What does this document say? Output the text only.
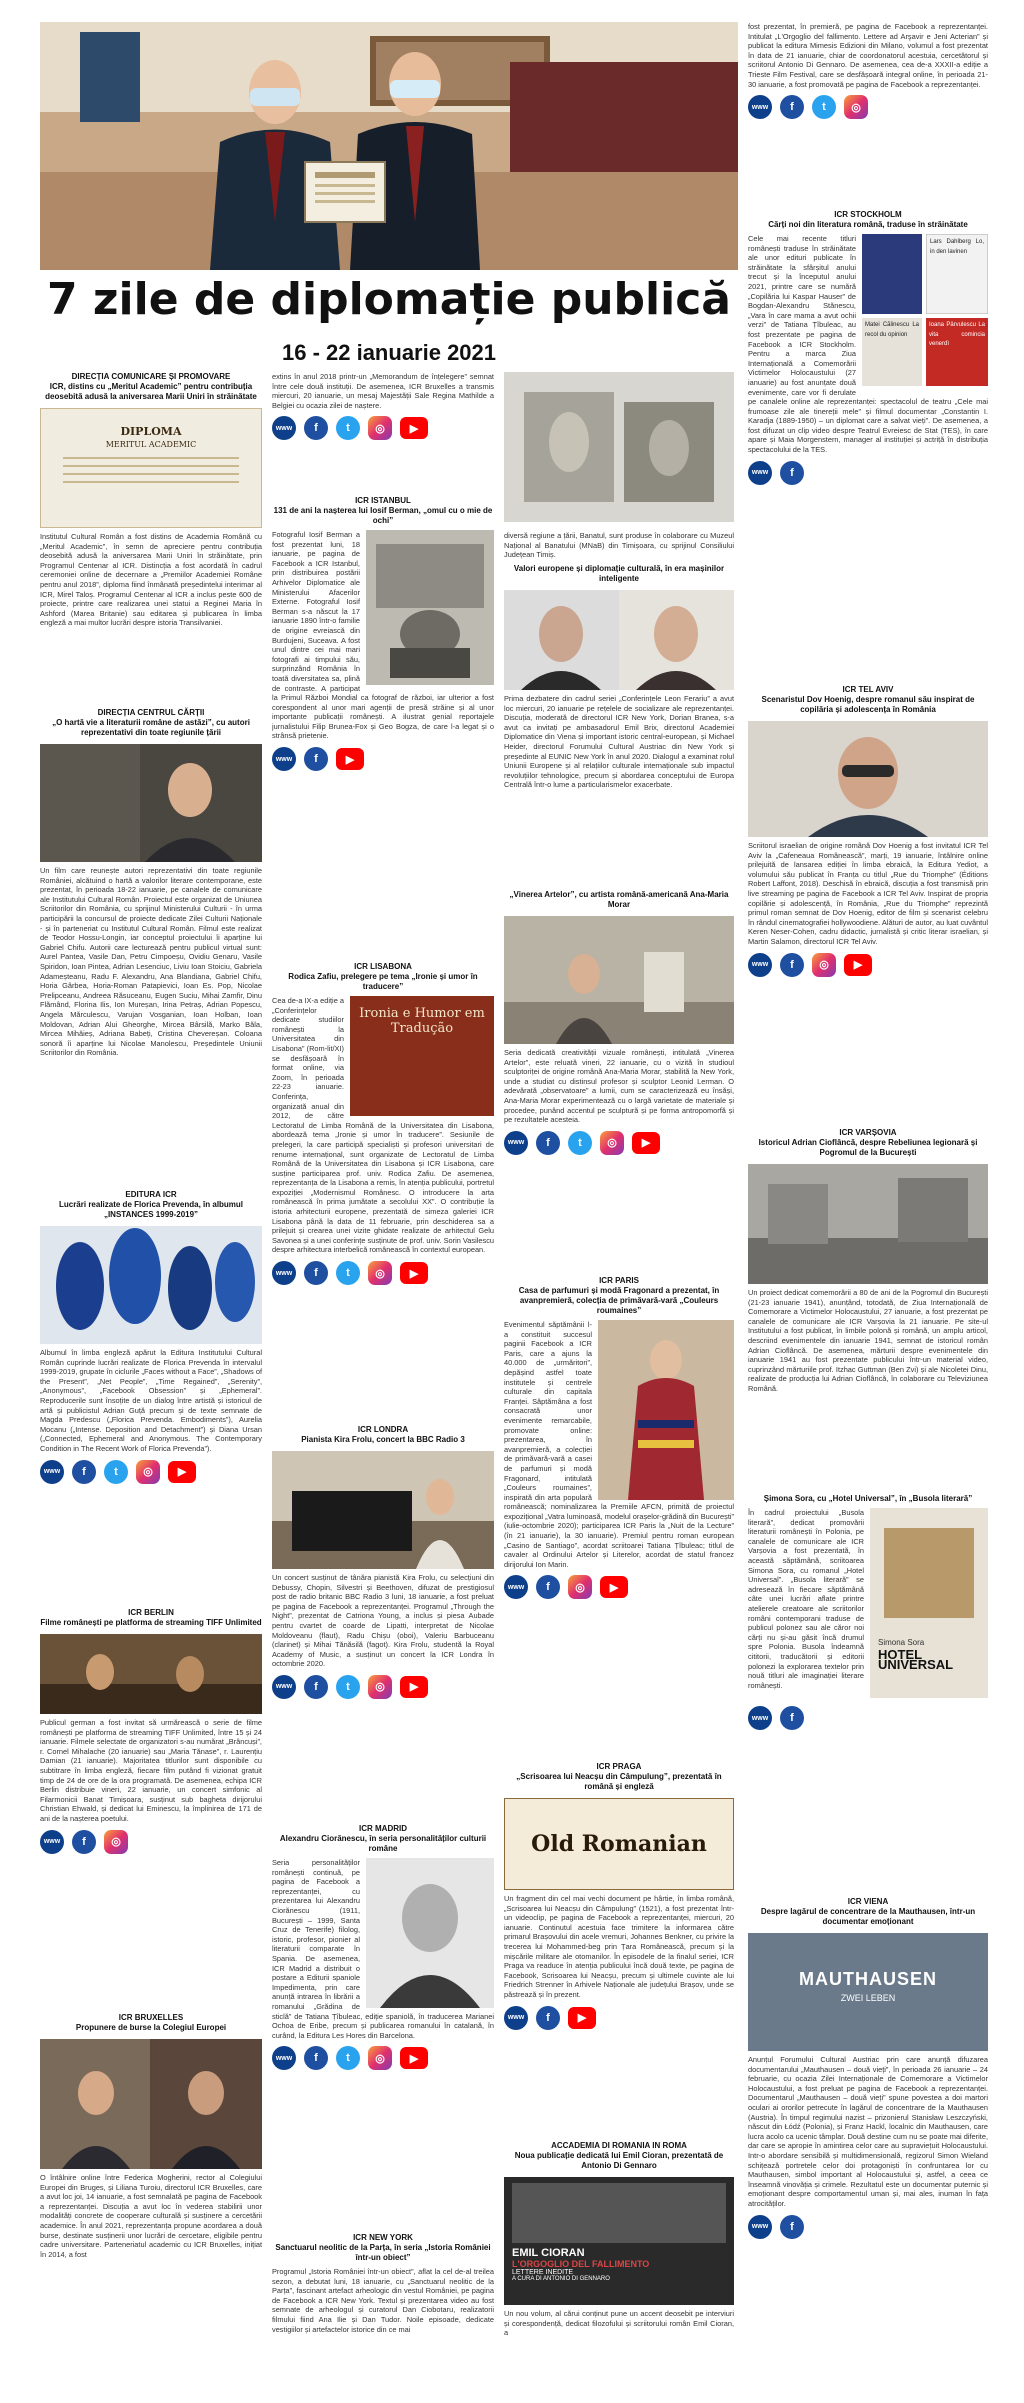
7 zile de diplomație publică
16 - 22 ianuarie 2021
DIRECȚIA COMUNICARE ȘI PROMOVARE
ICR, distins cu „Meritul Academic” pentru contribuția deosebită adusă la aniversarea Marii Uniri în străinătate
DIPLOMA
MERITUL ACADEMIC

Institutul Cultural Român a fost distins de Academia Română cu „Meritul Academic”, în semn de apreciere pentru contribuția deosebită adusă la aniversarea Marii Uniri în străinătate, prin Programul Centenar al ICR. Distincția a fost acordată în cadrul ceremoniei online de decernare a „Premiilor Academiei Române pentru anul 2018”, diploma fiind înmânată președintelui interimar al ICR, Mirel Taloș. Programul Centenar al ICR a inclus peste 600 de proiecte, printre care realizarea unei statui a Reginei Maria în Ashford (Marea Britanie) sau editarea și publicarea în limba engleză a mai multor lucrări despre istoria Transilvaniei.

DIRECȚIA CENTRUL CĂRȚII
„O hartă vie a literaturii române de astăzi”, cu autori reprezentativi din toate regiunile țării

Un film care reunește autori reprezentativi din toate regiunile României, alcătuind o hartă a valorilor literare contemporane, este prezentat, în perioada 18-22 ianuarie, pe canalele de comunicare ale Institutului Cultural Român. Proiectul este organizat de Uniunea Scriitorilor din România, cu sprijinul Ministerului Culturii - în urma participării la concursul de proiecte dedicate Zilei Culturii Naționale - și în parteneriat cu Institutul Cultural Român. Filmul este realizat de Teodor Hossu-Longin, iar conceptul proiectului îi aparține lui Gabriel Chifu. Autorii care lecturează pentru publicul virtual sunt: Aurel Pantea, Vasile Dan, Petru Cimpoeșu, Ovidiu Genaru, Vasile Spiridon, Ioan Pintea, Adrian Lesenciuc, Liviu Ioan Stoiciu, Gabriela Adameșteanu, Radu F. Alexandru, Ana Blandiana, Gabriel Chifu, Horia Gârbea, Horia-Roman Patapievici, Ioan Es. Pop, Nicolae Prelipceanu, Andreea Răsuceanu, Eugen Suciu, Mihai Zamfir, Dinu Flămând, Florina Ilis, Ion Mureșan, Irina Petraș, Adrian Popescu, Angela Mărculescu, Varujan Vosganian, Ioan Holban, Ioan Moldovan, Adrian Alui Gheorghe, Mircea Bârsilă, Marko Băla, Mircea Mihăieș, Adriana Babeți, Cristina Chevereșan. Coloana sonoră îi aparține lui Nicolae Manolescu, Președintele Uniunii Scriitorilor din România.

EDITURA ICR
Lucrări realizate de Florica Prevenda, în albumul „INSTANCES 1999-2019”

Albumul în limba engleză apărut la Editura Institutului Cultural Român cuprinde lucrări realizate de Florica Prevenda în intervalul 1999-2019, grupate în ciclurile „Faces without a Face”, „Shadows of the Present”, „Net People”, „Time Regained”, „Serenity”, „Anonymous”, „Facebook Obsession” și „Ephemeral”. Reproducerile sunt însoțite de un dialog între artistă și istoricul de artă și publicistul Adrian Guță precum și de texte semnate de Magda Predescu („Florica Prevenda. Embodiments”), Aurelia Mocanu („Intense. Deposition and Detachment”) și Diana Ursan („Connected, Ephemeral and Anonymous. The Contemporary Condition in The Recent Work of Florica Prevenda”).

www	f	t	◎	▶
ICR BERLIN
Filme românești pe platforma de streaming TIFF Unlimited

Publicul german a fost invitat să urmărească o serie de filme românești pe platforma de streaming TIFF Unlimited, între 15 și 24 ianuarie. Filmele selectate de organizatori s-au numărat „Brâncuși”, r. Cornel Mihalache (20 ianuarie) sau „Maria Tănase”, r. Laurențiu Damian (21 ianuarie). Majoritatea titlurilor sunt disponibile cu subtitrare în limba engleză, fiecare film putând fi vizionat gratuit timp de 24 de ore de la ora programată. De asemenea, echipa ICR Berlin distribuie vineri, 22 ianuarie, un concert simfonic al Filarmonicii Banat Timișoara, susținut sub bagheta dirijorului Christian Ehwald, și dedicat lui Eminescu, la împlinirea de 171 de ani de la nașterea poetului.

www	f	◎
ICR BRUXELLES
Propunere de burse la Colegiul Europei

O întâlnire online între Federica Mogherini, rector al Colegiului Europei din Bruges, și Liliana Turoiu, directorul ICR Bruxelles, care a avut loc joi, 14 ianuarie, a fost semnalată pe pagina de Facebook a reprezentanței. Discuția a avut loc în vederea stabilirii unor modalități concrete de cooperare culturală și susținere a cercetării academice. În anul 2021, reprezentanța propune acordarea a două burse, destinate susținerii unor lucrări de cercetare, eligibile pentru cadre universitare. Parteneriatul academic cu ICR Bruxelles, inițiat în 2014, a fost

extins în anul 2018 printr-un „Memorandum de înțelegere” semnat între cele două instituții. De asemenea, ICR Bruxelles a transmis miercuri, 20 ianuarie, un mesaj Majestății Sale Regina Mathilde a Belgiei cu ocazia zilei de naștere.

www	f	t	◎	▶
ICR ISTANBUL
131 de ani la nașterea lui Iosif Berman, „omul cu o mie de ochi”
Fotograful Iosif Berman a fost prezentat luni, 18 ianuarie, pe pagina de Facebook a ICR Istanbul, prin distribuirea postării Arhivelor Diplomatice ale Ministerului Afacerilor Externe. Fotograful Iosif Berman s-a născut la 17 ianuarie 1890 într-o familie de origine evreiască din Burdujeni, Suceava. A fost unul dintre cei mai mari fotografi ai timpului său, surprinzând România în toată diversitatea sa, plină de contraste. A participat la Primul Război Mondial ca fotograf de război, iar ulterior a fost corespondent al unor mari agenții de presă străine și al unor importante publicații românești. A ilustrat genial reportajele jurnalistului Filip Brunea-Fox și Geo Bogza, de care l-a legat și o strânsă prietenie.
www	f	▶
ICR LISABONA
Rodica Zafiu, prelegere pe tema „Ironie și umor în traducere”
Ironia e Humor em Tradução
Cea de-a IX-a ediție a „Conferințelor dedicate studiilor românești la Universitatea din Lisabona” (Rom-lit/XI) se desfășoară în format online, via Zoom, în perioada 22-23 ianuarie. Conferința, organizată anual din 2012, de către Lectoratul de Limba Română de la Universitatea din Lisabona, abordează tema „Ironie și umor în traducere”. Sesiunile de prelegeri, la care participă specialiști și profesori universitari de renume internațional, sunt organizate de Lectoratul de Limba Română de la Universitatea din Lisabona și ICR Lisabona, care susține participarea prof. univ. Rodica Zafiu. De asemenea, reprezentanța de la Lisabona a remis, în atenția publicului, portretul expoziției „Modernismul Românesc. O introducere la arta românească în prima jumătate a secolului XX”. O contribuție la istoria arhitecturii europene, prezentată de simeza galeriei ICR Lisabona până la data de 11 februarie, prin deschiderea sa a prilejuit și crearea unei vizite ghidate realizate de arhitectul Gelu Savonea și a unei conferințe susținute de prof. univ. Sorin Vasilescu despre arhitectura interbelică românească în contextul european.
www	f	t	◎	▶
ICR LONDRA
Pianista Kira Frolu, concert la BBC Radio 3

Un concert susținut de tânăra pianistă Kira Frolu, cu selecțiuni din Debussy, Chopin, Silvestri și Beethoven, difuzat de prestigiosul post de radio britanic BBC Radio 3 luni, 18 ianuarie, a fost preluat pe pagina de Facebook a reprezentanței. Programul „Through the Night”, prezentat de Catriona Young, a inclus și piesa Aubade pentru cvartet de coarde de Lipatti, interpretat de Nicolae Moldoveanu (flaut), Radu Chișu (oboi), Valeriu Barbuceanu (clarinet) și Mihai Tănăsilă (fagot). Kira Frolu, studentă la Royal Academy of Music, a susținut un concert la ICR Londra în octombrie 2020.

www	f	t	◎	▶
ICR MADRID
Alexandru Ciorănescu, în seria personalităților culturii române
Seria personalităților românești continuă, pe pagina de Facebook a reprezentanței, cu prezentarea lui Alexandru Ciorănescu (1911, București – 1999, Santa Cruz de Tenerife) filolog, istoric, profesor, pionier al literaturii comparate în Spania. De asemenea, ICR Madrid a distribuit o postare a Editurii spaniole Impedimenta, prin care anunță intrarea în librării a romanului „Grădina de sticlă” de Tatiana Țîbuleac, ediție spaniolă, în traducerea Marianei Ochoa de Eribe, precum și publicarea romanului în catalană, în curând, la Editura Les Hores din Barcelona.
www	f	t	◎	▶
ICR NEW YORK
Sanctuarul neolitic de la Parța, în seria „Istoria României într-un obiect”

Programul „Istoria României într-un obiect”, aflat la cel de-al treilea sezon, a debutat luni, 18 ianuarie, cu „Sanctuarul neolitic de la Parța”, fascinant artefact arheologic din vestul României, pe pagina de Facebook a ICR New York. Textul și prezentarea video au fost semnate de arheologul și curatorul Dan Ciobotaru, realizatorii filmului fiind Ana Ilie și Dan Tudor. Noile episoade, dedicate vestigiilor și artefactelor istorice din ce mai

diversă regiune a țării, Banatul, sunt produse în colaborare cu Muzeul Național al Banatului (MNaB) din Timișoara, cu sprijinul Consiliului Județean Timiș.

Valori europene și diplomație culturală, în era mașinilor inteligente

Prima dezbatere din cadrul seriei „Conferințele Leon Ferariu” a avut loc miercuri, 20 ianuarie pe rețelele de socializare ale reprezentanței. Discuția, moderată de directorul ICR New York, Dorian Branea, s-a avut ca invitați pe ambasadorul Emil Brix, directorul Academiei Diplomatice din Viena și important istoric central-european, și Michael Heider, directorul Forumului Cultural Austriac din New York și președinte al EUNIC New York în anul 2020. Dialogul a examinat rolul Uniunii Europene și al relațiilor culturale internaționale sub impactul revoluțiilor tehnologice, precum și abordarea conceptului de Europa Centrală într-o lume a particularismelor exacerbate.

„Vinerea Artelor”, cu artista română-americană Ana-Maria Morar

Seria dedicată creativității vizuale românești, intitulată „Vinerea Artelor”, este reluată vineri, 22 ianuarie, cu o vizită în studioul sculptoriței de origine română Ana-Maria Morar, stabilită la New York, unde a studiat cu distinsul profesor și sculptor Leonid Lerman. O adevărată „observatoare” a lumii, cum se caracterizează eu însăși, Ana-Maria Morar experimentează cu o largă varietate de materiale și procedee, punând accentul pe sculptură și pe forma antropomorfă și pe rezultatele acesteia.

www	f	t	◎	▶
ICR PARIS
Casa de parfumuri și modă Fragonard a prezentat, în avanpremieră, colecția de primăvară-vară „Couleurs roumaines”
Evenimentul săptămânii l-a constituit succesul paginii Facebook a ICR Paris, care a ajuns la 40.000 de „urmăritori”, depășind astfel toate institutele și centrele culturale din capitala Franței. Săptămâna a fost consacrată unor evenimente remarcabile, promovate online: prezentarea, în avanpremieră, a colecției de primăvară-vară a casei de parfumuri și modă Fragonard, intitulată „Couleurs roumaines”, inspirată din arta populară românească; nominalizarea la Premiile AFCN, primită de proiectul expozițional „Vatra luminoasă, modelul orașelor-grădină din București” (iulie-octombrie 2020); participarea ICR Paris la „Nuit de la Lecture” (în 21 ianuarie), la 30 ianuarie). Premiul pentru roman european „Casino de Santiago”, acordat scriitoarei Tatiana Țîbuleac; titlul de cavaler al Ordinului Artelor și Literelor, acordat de statul francez dirijorului Ion Marin.
www	f	◎	▶
ICR PRAGA
„Scrisoarea lui Neacșu din Câmpulung”, prezentată în română și engleză
Old Romanian

Un fragment din cel mai vechi document pe hârtie, în limba română, „Scrisoarea lui Neacșu din Câmpulung” (1521), a fost prezentat într-un videoclip, pe pagina de Facebook a reprezentanței, miercuri, 20 ianuarie. Continutul acestuia face trimitere la informarea către primarul Brașovului din acele vremuri, Johannes Benkner, cu privire la trecerea lui Mohammed-beg prin Țara Românească, precum și la mișcările militare ale otomanilor. În episodele de la finalul seriei, ICR Praga va readuce în atenția publicului încă două texte, pe pagina de Facebook, Scrisoarea lui Neacșu, precum și ultimele cuvinte ale lui Friedrich Strenner în Arhivele Naționale ale județului Brașov, unde se păstrează și în prezent.

www	f	▶
ACCADEMIA DI ROMANIA IN ROMA
Noua publicație dedicată lui Emil Cioran, prezentată de Antonio Di Gennaro
EMIL CIORAN
L'ORGOGLIO DEL FALLIMENTO
LETTERE INEDITE
A CURA DI ANTONIO DI GENNARO

Un nou volum, al cărui conținut pune un accent deosebit pe interviuri și corespondență, dedicat filozofului și scriitorului român Emil Cioran, a

fost prezentat, în premieră, pe pagina de Facebook a reprezentanței. Intitulat „L'Orgoglio del fallimento. Lettere ad Arşavir e Jeni Acterian” și publicat la editura Mimesis Edizioni din Milano, volumul a fost prezentat în data de 21 ianuarie, chiar de coordonatorul acestuia, cercetătorul și scriitorul Antonio Di Gennaro. De asemenea, cea de-a XXXII-a ediție a Trieste Film Festival, care se desfășoară integral online, în perioada 21-30 ianuarie, a fost promovată pe pagina de Facebook a reprezentanței.

www	f	t	◎
ICR STOCKHOLM
Cărți noi din literatura română, traduse în străinătate
Lars Dahlberg Lo, in den lavinen
Matei Călinescu La recol du opinion
Ioana Pârvulescu La vita comincia venerdì
Cele mai recente titluri românești traduse în străinătate ale unor edituri publicate în străinătate la sfârșitul anului trecut și la începutul anului 2021, printre care se numără „Copilăria lui Kaspar Hauser” de Bogdan-Alexandru Stănescu, „Vara în care mama a avut ochii verzi” de Tatiana Țîbuleac, au fost prezentate pe pagina de Facebook a ICR Stockholm. Pentru a marca Ziua Internațională a Comemorării Victimelor Holocaustului (27 ianuarie) au fost anunțate două evenimente, care vor fi derulate pe canalele online ale reprezentanței: spectacolul de teatru „Cele mai frumoase zile ale tinereții mele” și filmul documentar „Constantin I. Karadja (1889-1950) – un diplomat care a salvat vieți”. De asemenea, a fost difuzat un clip video despre Teatrul Evreiesc de Stat (TES), în care apare și Maia Morgenstern, manager al instituției și actriță în distribuția spectacolului de la TES.
www	f
ICR TEL AVIV
Scenaristul Dov Hoenig, despre romanul său inspirat de copilăria și adolescența în România

Scriitorul israelian de origine română Dov Hoenig a fost invitatul ICR Tel Aviv la „Cafeneaua Românească”, marți, 19 ianuarie, întâlnire online prilejuită de lansarea ediției în limba ebraică, la Editura Yediot, a volumului său publicat în Franța cu titlul „Rue du Triomphe” (Éditions Robert Laffont, 2018). Deschisă în ebraică, discuția a fost transmisă prin live streaming pe pagina de Facebook a ICR Tel Aviv. Inspirat de propria copilărie și adolescență, în România, „Rue du Triomphe” reprezintă primul roman semnat de Dov Hoenig, editor de film și scenarist celebru în rândul cinematografiei hollywoodiene. Alături de autor, au luat cuvântul Keren Neser-Cohen, cadru didactic, jurnalistă și critic literar israelian, și Martin Salamon, directorul ICR Tel Aviv.

www	f	◎	▶
ICR VARȘOVIA
Istoricul Adrian Cioflâncă, despre Rebeliunea legionară și Pogromul de la București

Un proiect dedicat comemorării a 80 de ani de la Pogromul din București (21-23 ianuarie 1941), anunțând, totodată, de Ziua Internațională de Comemorare a Victimelor Holocaustului, 27 ianuarie, a fost prezentat pe canalele de comunicare ale ICR Varșovia la 21 ianuarie. Pe site-ul Institutului a fost publicat, în limbile polonă și română, un amplu articol, descriind evenimentele din ianuarie 1941, semnat de istoricul român Adrian Cioflâncă. De asemenea, mărturii despre evenimentele din ianuarie 1941 au fost prezentate publicului într-un material video, cuprinzând mărturiile prof. Itzhac Guttman (Ben Zvi) și ale Nicoletei Dinu, realizate de producția lui Adrian Cioflâncă, în colaborare cu Televiziunea Română.

Șimona Sora, cu „Hotel Universal”, în „Busola literară”
Simona Sora
HOTEL UNIVERSAL
În cadrul proiectului „Busola literară”, dedicat promovării literaturii românești în Polonia, pe canalele de comunicare ale ICR Varșovia a fost prezentată, în această săptămână, scriitoarea Simona Sora, cu romanul „Hotel Universal”. „Busola literară” se adresează în fiecare săptămână câte unei lucrări aflate printre atelierele creatoare ale scriitorilor români contemporani traduse de publicul polonez sau ale căror noi cărți nu și-au găsit încă drumul spre Polonia. Busola îndeamnă cititorii, traducătorii și editorii polonezi la explorarea textelor prin nouă titluri ale imaginației literare românești.
www	f
ICR VIENA
Despre lagărul de concentrare de la Mauthausen, într-un documentar emoționant
MAUTHAUSEN
ZWEI LEBEN

Anunțul Forumului Cultural Austriac prin care anunță difuzarea documentarului „Mauthausen – două vieți”, în perioada 26 ianuarie – 24 februarie, cu ocazia Zilei Internaționale de Comemorare a Victimelor Holocaustului, a fost preluat pe pagina de Facebook a reprezentanței. Documentarul „Mauthausen – două vieți” spune povestea a doi martori oculari ai ororilor petrecute în lagărul de concentrare de la Mauthausen (Austria). În timpul regimului nazist – prizonierul Stanisław Leszczyński, născut din Łódź (Polonia), și Franz Hackl, localnic din Mauthausen, care lucra acolo ca ucenic tâmplar. Două destine cum nu se poate mai diferite, dar care se apropie în amintirea celor care au supraviețuit Holocaustului. Intr-o abordare sensibilă și multidimensională, regizorul Simon Wieland schițează portretele celor doi protagoniști în confruntarea lor cu Mauthausen, simbol important al Holocaustului și, astfel, a ceea ce înseamnă vinovăția și crimele. Rezultatul este un documentar puternic și emoționant despre comportamentul uman și, mai ales, inuman în fața atrocităților.

www	f
